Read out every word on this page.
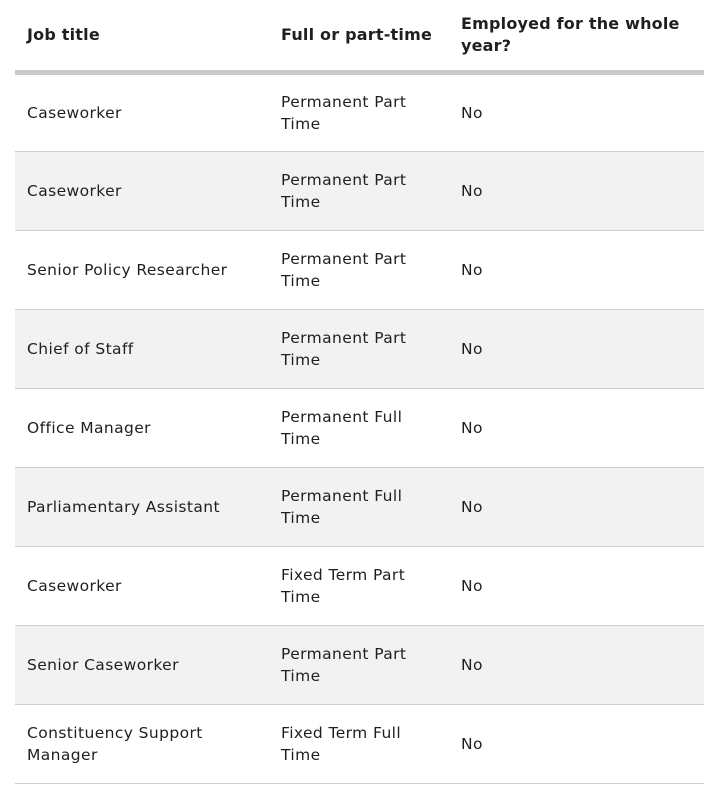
Job title	Full or part-time	Employed for the whole year?
Caseworker	Permanent Part Time	No
Caseworker	Permanent Part Time	No
Senior Policy Researcher	Permanent Part Time	No
Chief of Staff	Permanent Part Time	No
Office Manager	Permanent Full Time	No
Parliamentary Assistant	Permanent Full Time	No
Caseworker	Fixed Term Part Time	No
Senior Caseworker	Permanent Part Time	No
Constituency Support Manager	Fixed Term Full Time	No
